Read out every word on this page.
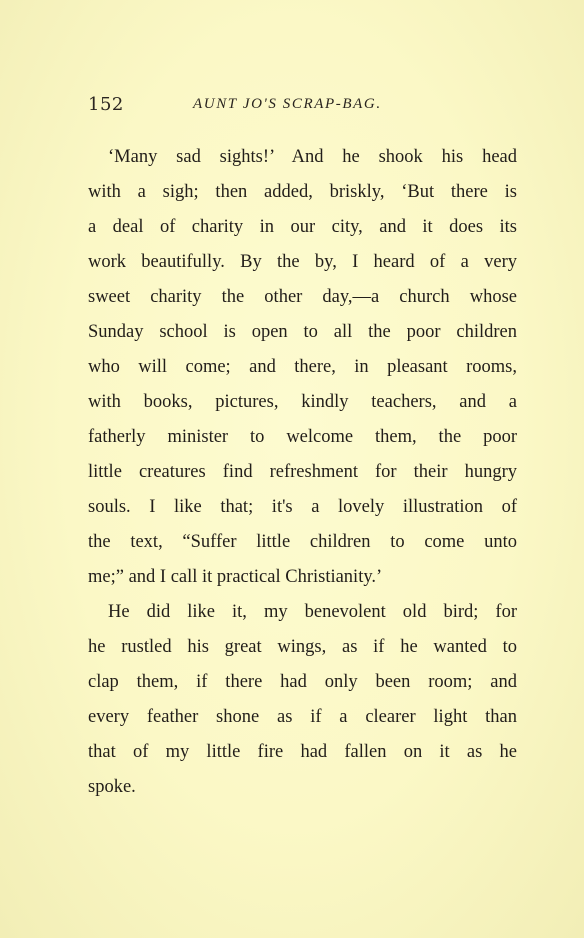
152	AUNT JO'S SCRAP-BAG.
‘Many sad sights!’ And he shook his head
with a sigh; then added, briskly, ‘But there is
a deal of charity in our city, and it does its
work beautifully. By the by, I heard of a very
sweet charity the other day,—a church whose
Sunday school is open to all the poor children
who will come; and there, in pleasant rooms,
with books, pictures, kindly teachers, and a
fatherly minister to welcome them, the poor
little creatures find refreshment for their hungry
souls. I like that; it's a lovely illustration of
the text, “Suffer little children to come unto
me;” and I call it practical Christianity.’
He did like it, my benevolent old bird; for
he rustled his great wings, as if he wanted to
clap them, if there had only been room; and
every feather shone as if a clearer light than
that of my little fire had fallen on it as he
spoke.
